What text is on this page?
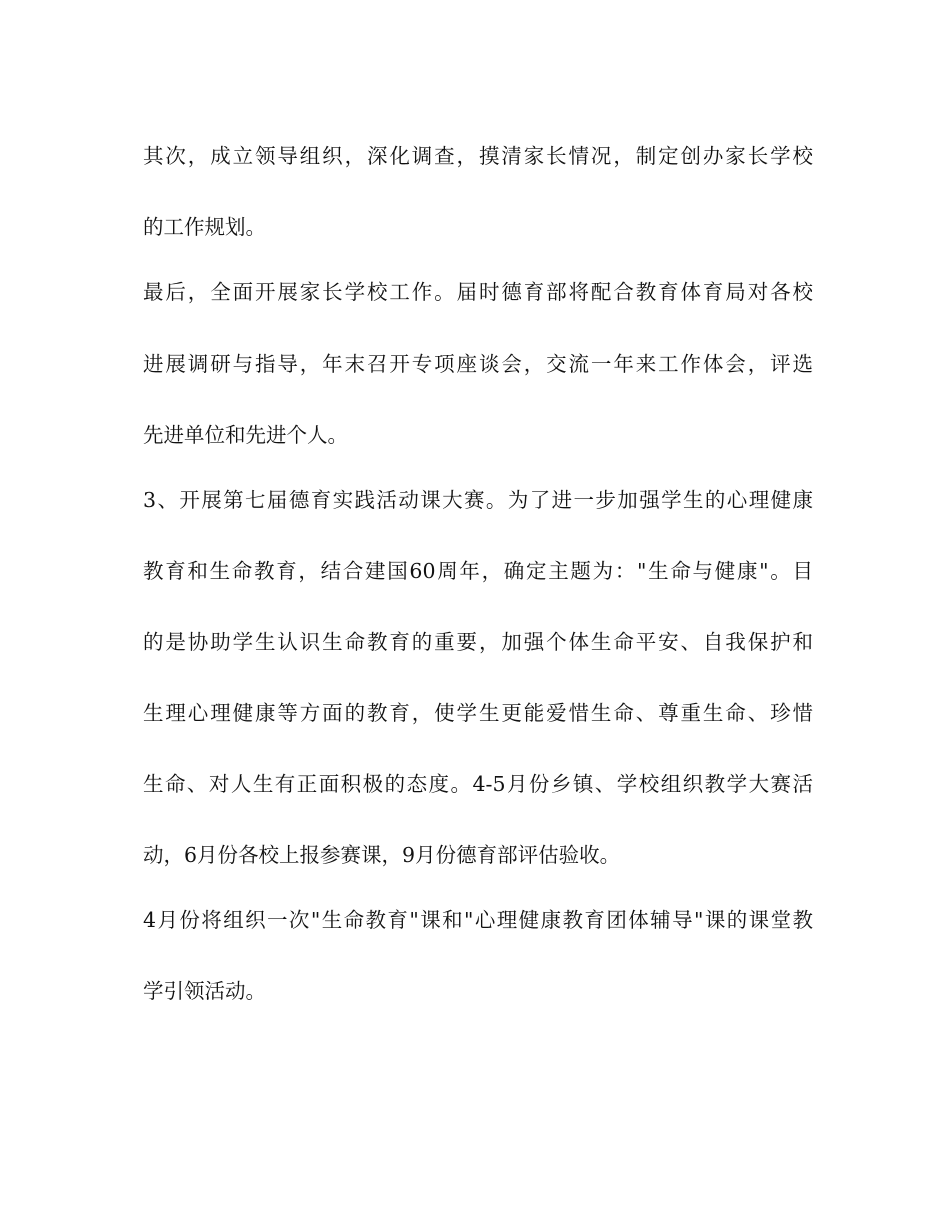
其次，成立领导组织，深化调查，摸清家长情况，制定创办家长学校
的工作规划。
最后，全面开展家长学校工作。届时德育部将配合教育体育局对各校
进展调研与指导，年末召开专项座谈会，交流一年来工作体会，评选
先进单位和先进个人。
3、开展第七届德育实践活动课大赛。为了进一步加强学生的心理健康
教育和生命教育，结合建国60周年，确定主题为："生命与健康"。目
的是协助学生认识生命教育的重要，加强个体生命平安、自我保护和
生理心理健康等方面的教育，使学生更能爱惜生命、尊重生命、珍惜
生命、对人生有正面积极的态度。4-5月份乡镇、学校组织教学大赛活
动，6月份各校上报参赛课，9月份德育部评估验收。
4月份将组织一次"生命教育"课和"心理健康教育团体辅导"课的课堂教
学引领活动。
